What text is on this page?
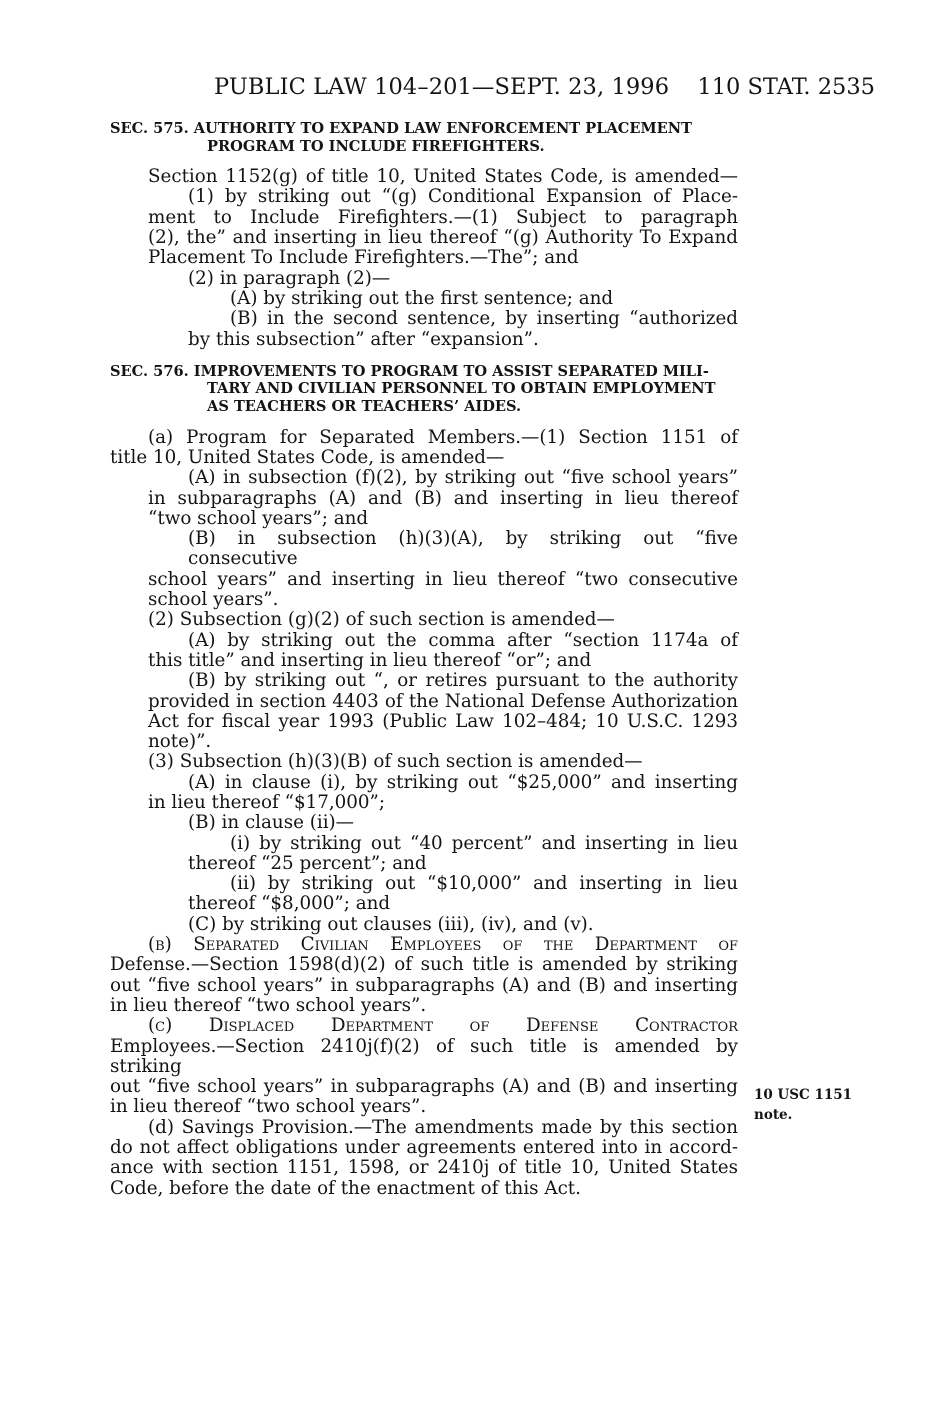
PUBLIC LAW 104–201—SEPT. 23, 1996 110 STAT. 2535
SEC. 575. AUTHORITY TO EXPAND LAW ENFORCEMENT PLACEMENT
PROGRAM TO INCLUDE FIREFIGHTERS.
Section 1152(g) of title 10, United States Code, is amended—
(1) by striking out “(g) Conditional Expansion of Place-
ment to Include Firefighters.—(1) Subject to paragraph
(2), the” and inserting in lieu thereof “(g) Authority To Expand
Placement To Include Firefighters.—The”; and
(2) in paragraph (2)—
(A) by striking out the first sentence; and
(B) in the second sentence, by inserting “authorized
by this subsection” after “expansion”.
SEC. 576. IMPROVEMENTS TO PROGRAM TO ASSIST SEPARATED MILI-
TARY AND CIVILIAN PERSONNEL TO OBTAIN EMPLOYMENT
AS TEACHERS OR TEACHERS’ AIDES.
(a) Program for Separated Members.—(1) Section 1151 of
title 10, United States Code, is amended—
(A) in subsection (f)(2), by striking out “five school years”
in subparagraphs (A) and (B) and inserting in lieu thereof
“two school years”; and
(B) in subsection (h)(3)(A), by striking out “five consecutive
school years” and inserting in lieu thereof “two consecutive
school years”.
(2) Subsection (g)(2) of such section is amended—
(A) by striking out the comma after “section 1174a of
this title” and inserting in lieu thereof “or”; and
(B) by striking out “, or retires pursuant to the authority
provided in section 4403 of the National Defense Authorization
Act for fiscal year 1993 (Public Law 102–484; 10 U.S.C. 1293
note)”.
(3) Subsection (h)(3)(B) of such section is amended—
(A) in clause (i), by striking out “$25,000” and inserting
in lieu thereof “$17,000”;
(B) in clause (ii)—
(i) by striking out “40 percent” and inserting in lieu
thereof “25 percent”; and
(ii) by striking out “$10,000” and inserting in lieu
thereof “$8,000”; and
(C) by striking out clauses (iii), (iv), and (v).
(b) Separated Civilian Employees of the Department of
Defense.—Section 1598(d)(2) of such title is amended by striking
out “five school years” in subparagraphs (A) and (B) and inserting
in lieu thereof “two school years”.
(c) Displaced Department of Defense Contractor
Employees.—Section 2410j(f)(2) of such title is amended by striking
out “five school years” in subparagraphs (A) and (B) and inserting
in lieu thereof “two school years”.
(d) Savings Provision.—The amendments made by this section
do not affect obligations under agreements entered into in accord-
ance with section 1151, 1598, or 2410j of title 10, United States
Code, before the date of the enactment of this Act.
10 USC 1151
note.
